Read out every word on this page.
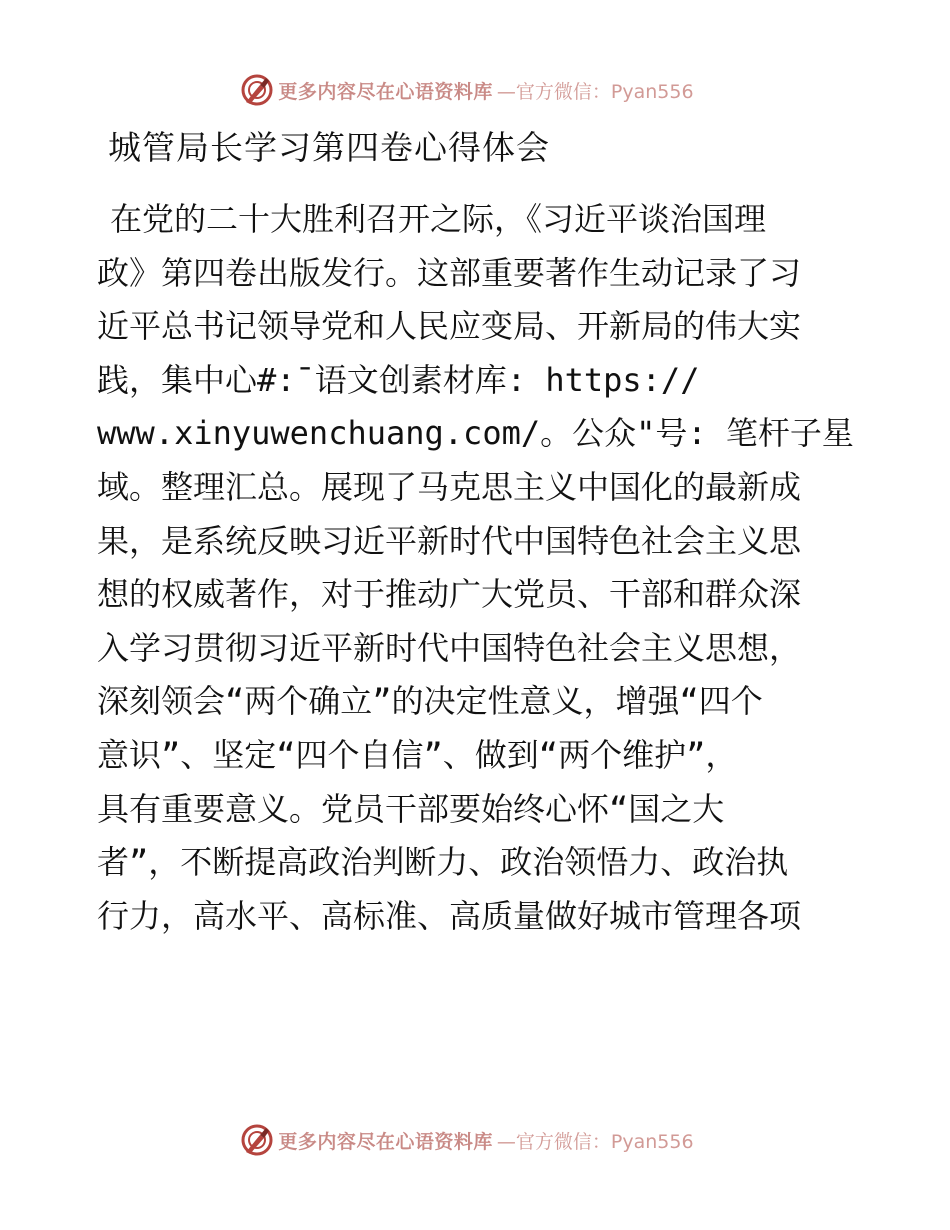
更多内容尽在心语资料库 —官方微信：Pyan556
城管局长学习第四卷心得体会
在党的二十大胜利召开之际，《习近平谈治国理
政》第四卷出版发行。这部重要著作生动记录了习
近平总书记领导党和人民应变局、开新局的伟大实
践，集中心#:¯语文创素材库: https://
www.xinyuwenchuang.com/。公众"号: 笔杆子星
域。整理汇总。展现了马克思主义中国化的最新成
果，是系统反映习近平新时代中国特色社会主义思
想的权威著作，对于推动广大党员、干部和群众深
入学习贯彻习近平新时代中国特色社会主义思想，
深刻领会“两个确立”的决定性意义，增强“四个
意识”、坚定“四个自信”、做到“两个维护”，
具有重要意义。党员干部要始终心怀“国之大
者”，不断提高政治判断力、政治领悟力、政治执
行力，高水平、高标准、高质量做好城市管理各项
更多内容尽在心语资料库 —官方微信：Pyan556
